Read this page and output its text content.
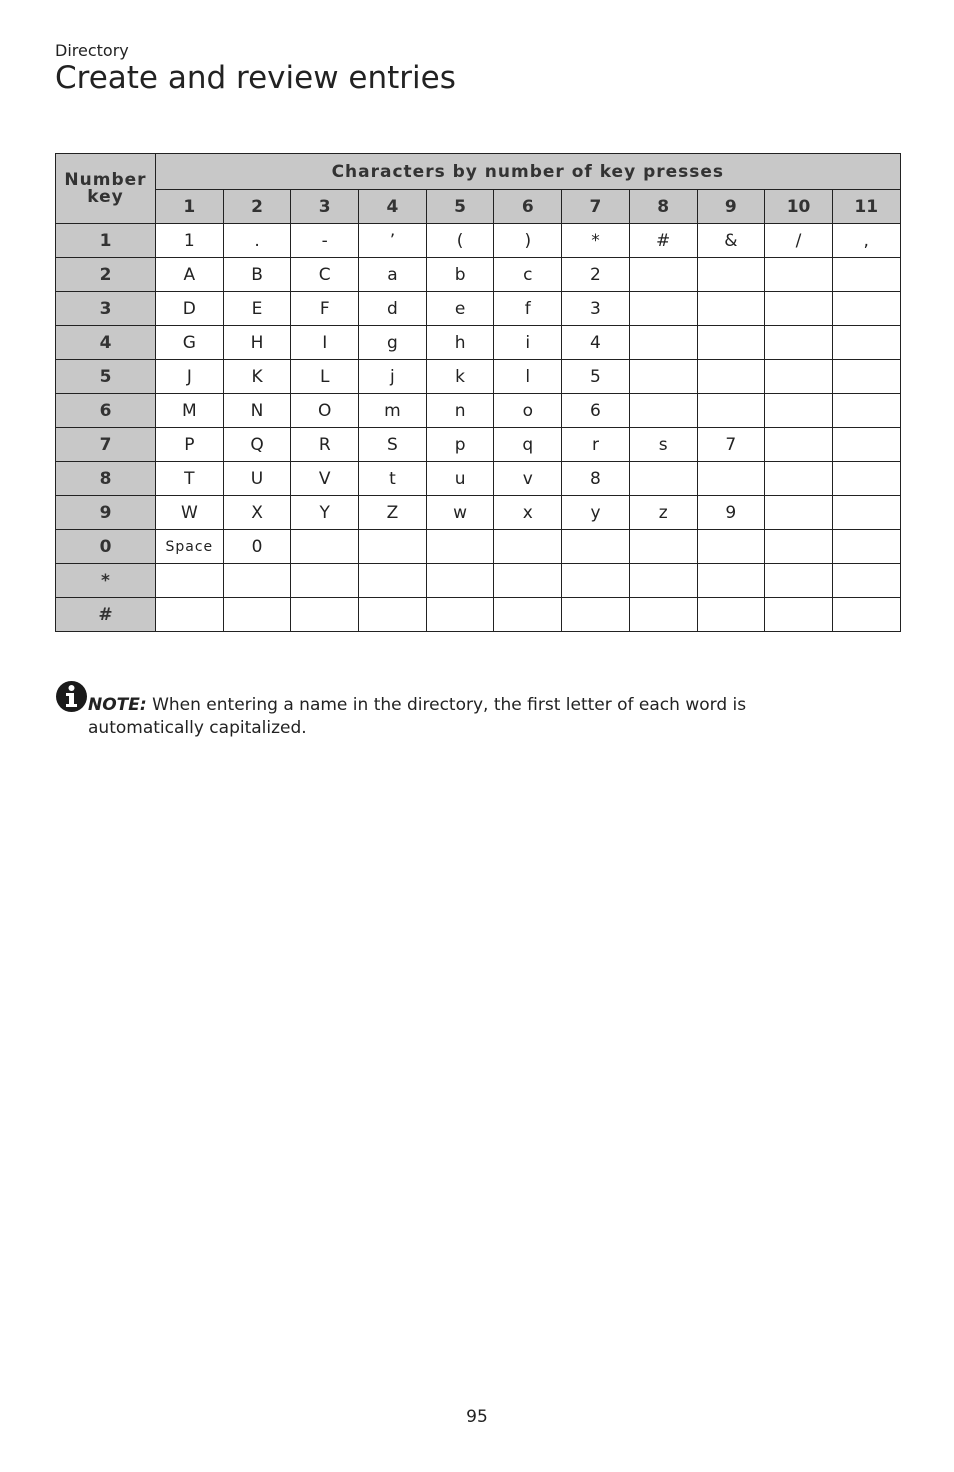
Directory
Create and review entries
Number key	Characters by number of key presses										
	1	2	3	4	5	6	7	8	9	10	11
1	1	.	-	’	(	)	*	#	&	/	,
2	A	B	C	a	b	c	2				
3	D	E	F	d	e	f	3				
4	G	H	I	g	h	i	4				
5	J	K	L	j	k	l	5				
6	M	N	O	m	n	o	6				
7	P	Q	R	S	p	q	r	s	7		
8	T	U	V	t	u	v	8				
9	W	X	Y	Z	w	x	y	z	9		
0	Space	0									
*											
#											
NOTE: When entering a name in the directory, the first letter of each word is automatically capitalized.
95
